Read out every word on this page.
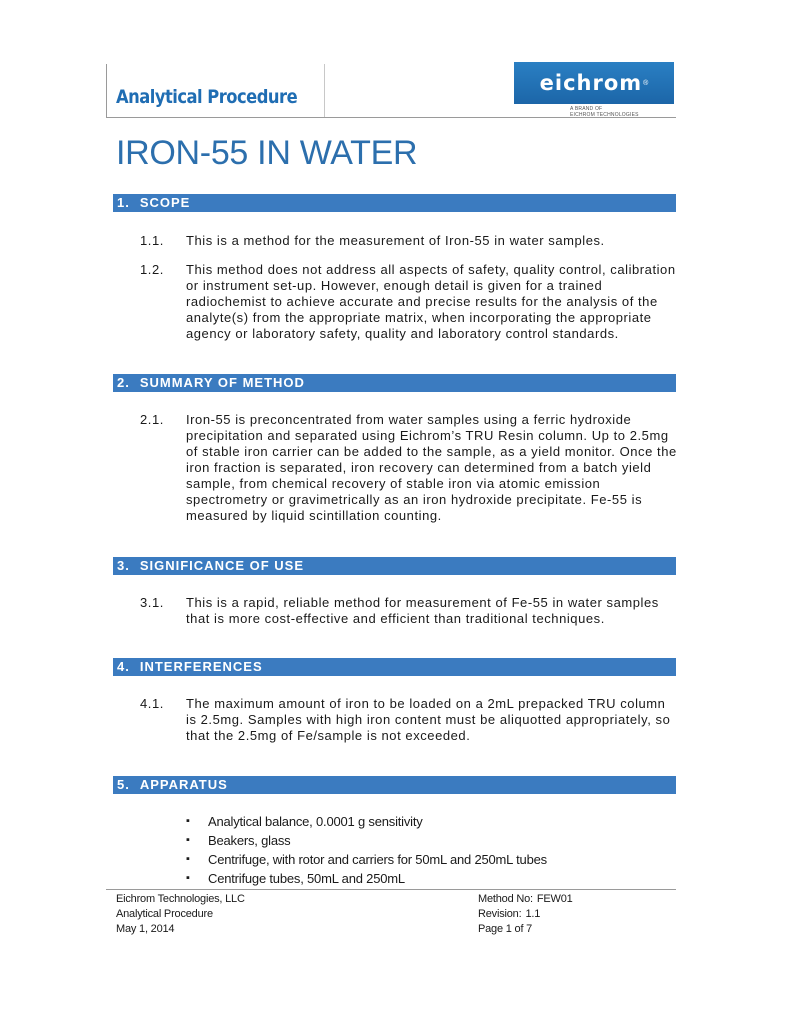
Analytical Procedure
eichrom ®
A BRAND OF
EICHROM TECHNOLOGIES
IRON-55 IN WATER
1. SCOPE
1.1.	This is a method for the measurement of Iron-55 in water samples.
1.2.	This method does not address all aspects of safety, quality control, calibration or instrument set-up. However, enough detail is given for a trained radiochemist to achieve accurate and precise results for the analysis of the analyte(s) from the appropriate matrix, when incorporating the appropriate agency or laboratory safety, quality and laboratory control standards.
2. SUMMARY OF METHOD
2.1.	Iron-55 is preconcentrated from water samples using a ferric hydroxide precipitation and separated using Eichrom’s TRU Resin column. Up to 2.5mg of stable iron carrier can be added to the sample, as a yield monitor. Once the iron fraction is separated, iron recovery can determined from a batch yield sample, from chemical recovery of stable iron via atomic emission spectrometry or gravimetrically as an iron hydroxide precipitate. Fe-55 is measured by liquid scintillation counting.
3. SIGNIFICANCE OF USE
3.1.	This is a rapid, reliable method for measurement of Fe-55 in water samples that is more cost-effective and efficient than traditional techniques.
4. INTERFERENCES
4.1.	The maximum amount of iron to be loaded on a 2mL prepacked TRU column is 2.5mg. Samples with high iron content must be aliquotted appropriately, so that the 2.5mg of Fe/sample is not exceeded.
5. APPARATUS
▪ Analytical balance, 0.0001 g sensitivity
▪ Beakers, glass
▪ Centrifuge, with rotor and carriers for 50mL and 250mL tubes
▪ Centrifuge tubes, 50mL and 250mL
Eichrom Technologies, LLC
Analytical Procedure
May 1, 2014
Method No: FEW01
Revision: 1.1
Page 1 of 7
